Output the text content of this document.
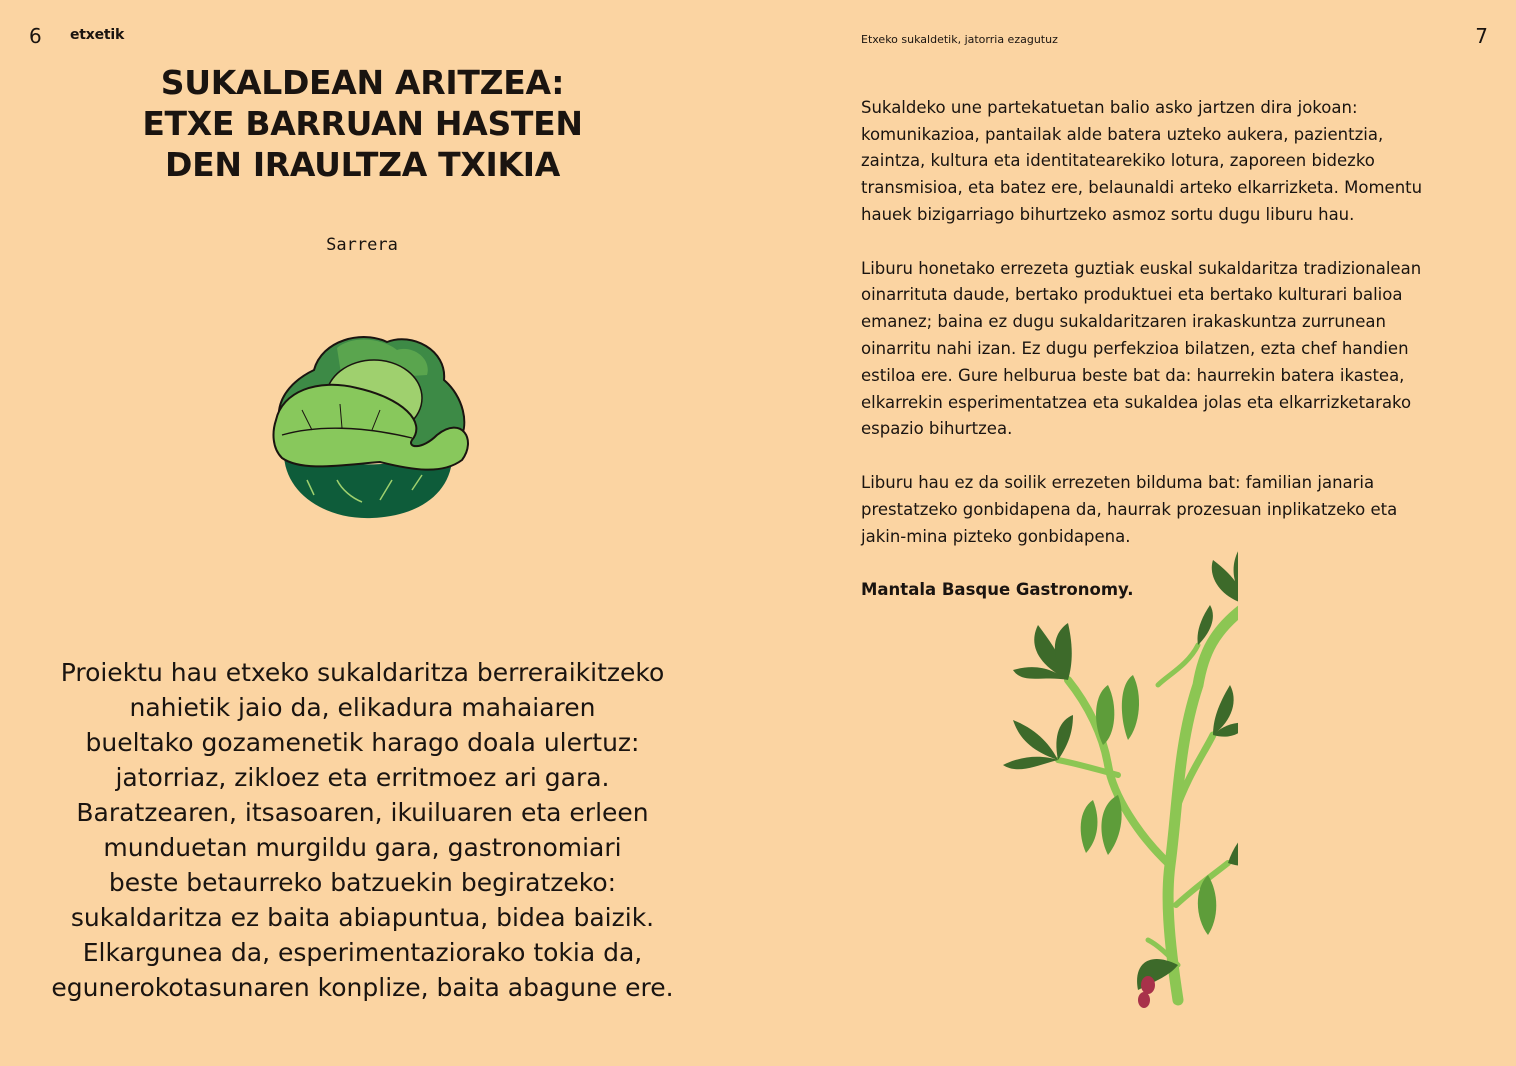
6 etxetik
SUKALDEAN ARITZEA:
ETXE BARRUAN HASTEN
DEN IRAULTZA TXIKIA
Sarrera
Proiektu hau etxeko sukaldaritza berreraikitzeko
nahietik jaio da, elikadura mahaiaren
bueltako gozamenetik harago doala ulertuz:
jatorriaz, zikloez eta erritmoez ari gara.
Baratzearen, itsasoaren, ikuiluaren eta erleen
munduetan murgildu gara, gastronomiari
beste betaurreko batzuekin begiratzeko:
sukaldaritza ez baita abiapuntua, bidea baizik.
Elkargunea da, esperimentaziorako tokia da,
egunerokotasunaren konplize, baita abagune ere.
Etxeko sukaldetik, jatorria ezagutuz	7

Sukaldeko une partekatuetan balio asko jartzen dira jokoan:
komunikazioa, pantailak alde batera uzteko aukera, pazientzia,
zaintza, kultura eta identitatearekiko lotura, zaporeen bidezko
transmisioa, eta batez ere, belaunaldi arteko elkarrizketa. Momentu
hauek bizigarriago bihurtzeko asmoz sortu dugu liburu hau.

Liburu honetako errezeta guztiak euskal sukaldaritza tradizionalean
oinarrituta daude, bertako produktuei eta bertako kulturari balioa
emanez; baina ez dugu sukaldaritzaren irakaskuntza zurrunean
oinarritu nahi izan. Ez dugu perfekzioa bilatzen, ezta chef handien
estiloa ere. Gure helburua beste bat da: haurrekin batera ikastea,
elkarrekin esperimentatzea eta sukaldea jolas eta elkarrizketarako
espazio bihurtzea.

Liburu hau ez da soilik errezeten bilduma bat: familian janaria
prestatzeko gonbidapena da, haurrak prozesuan inplikatzeko eta
jakin-mina pizteko gonbidapena.

Mantala Basque Gastronomy.
